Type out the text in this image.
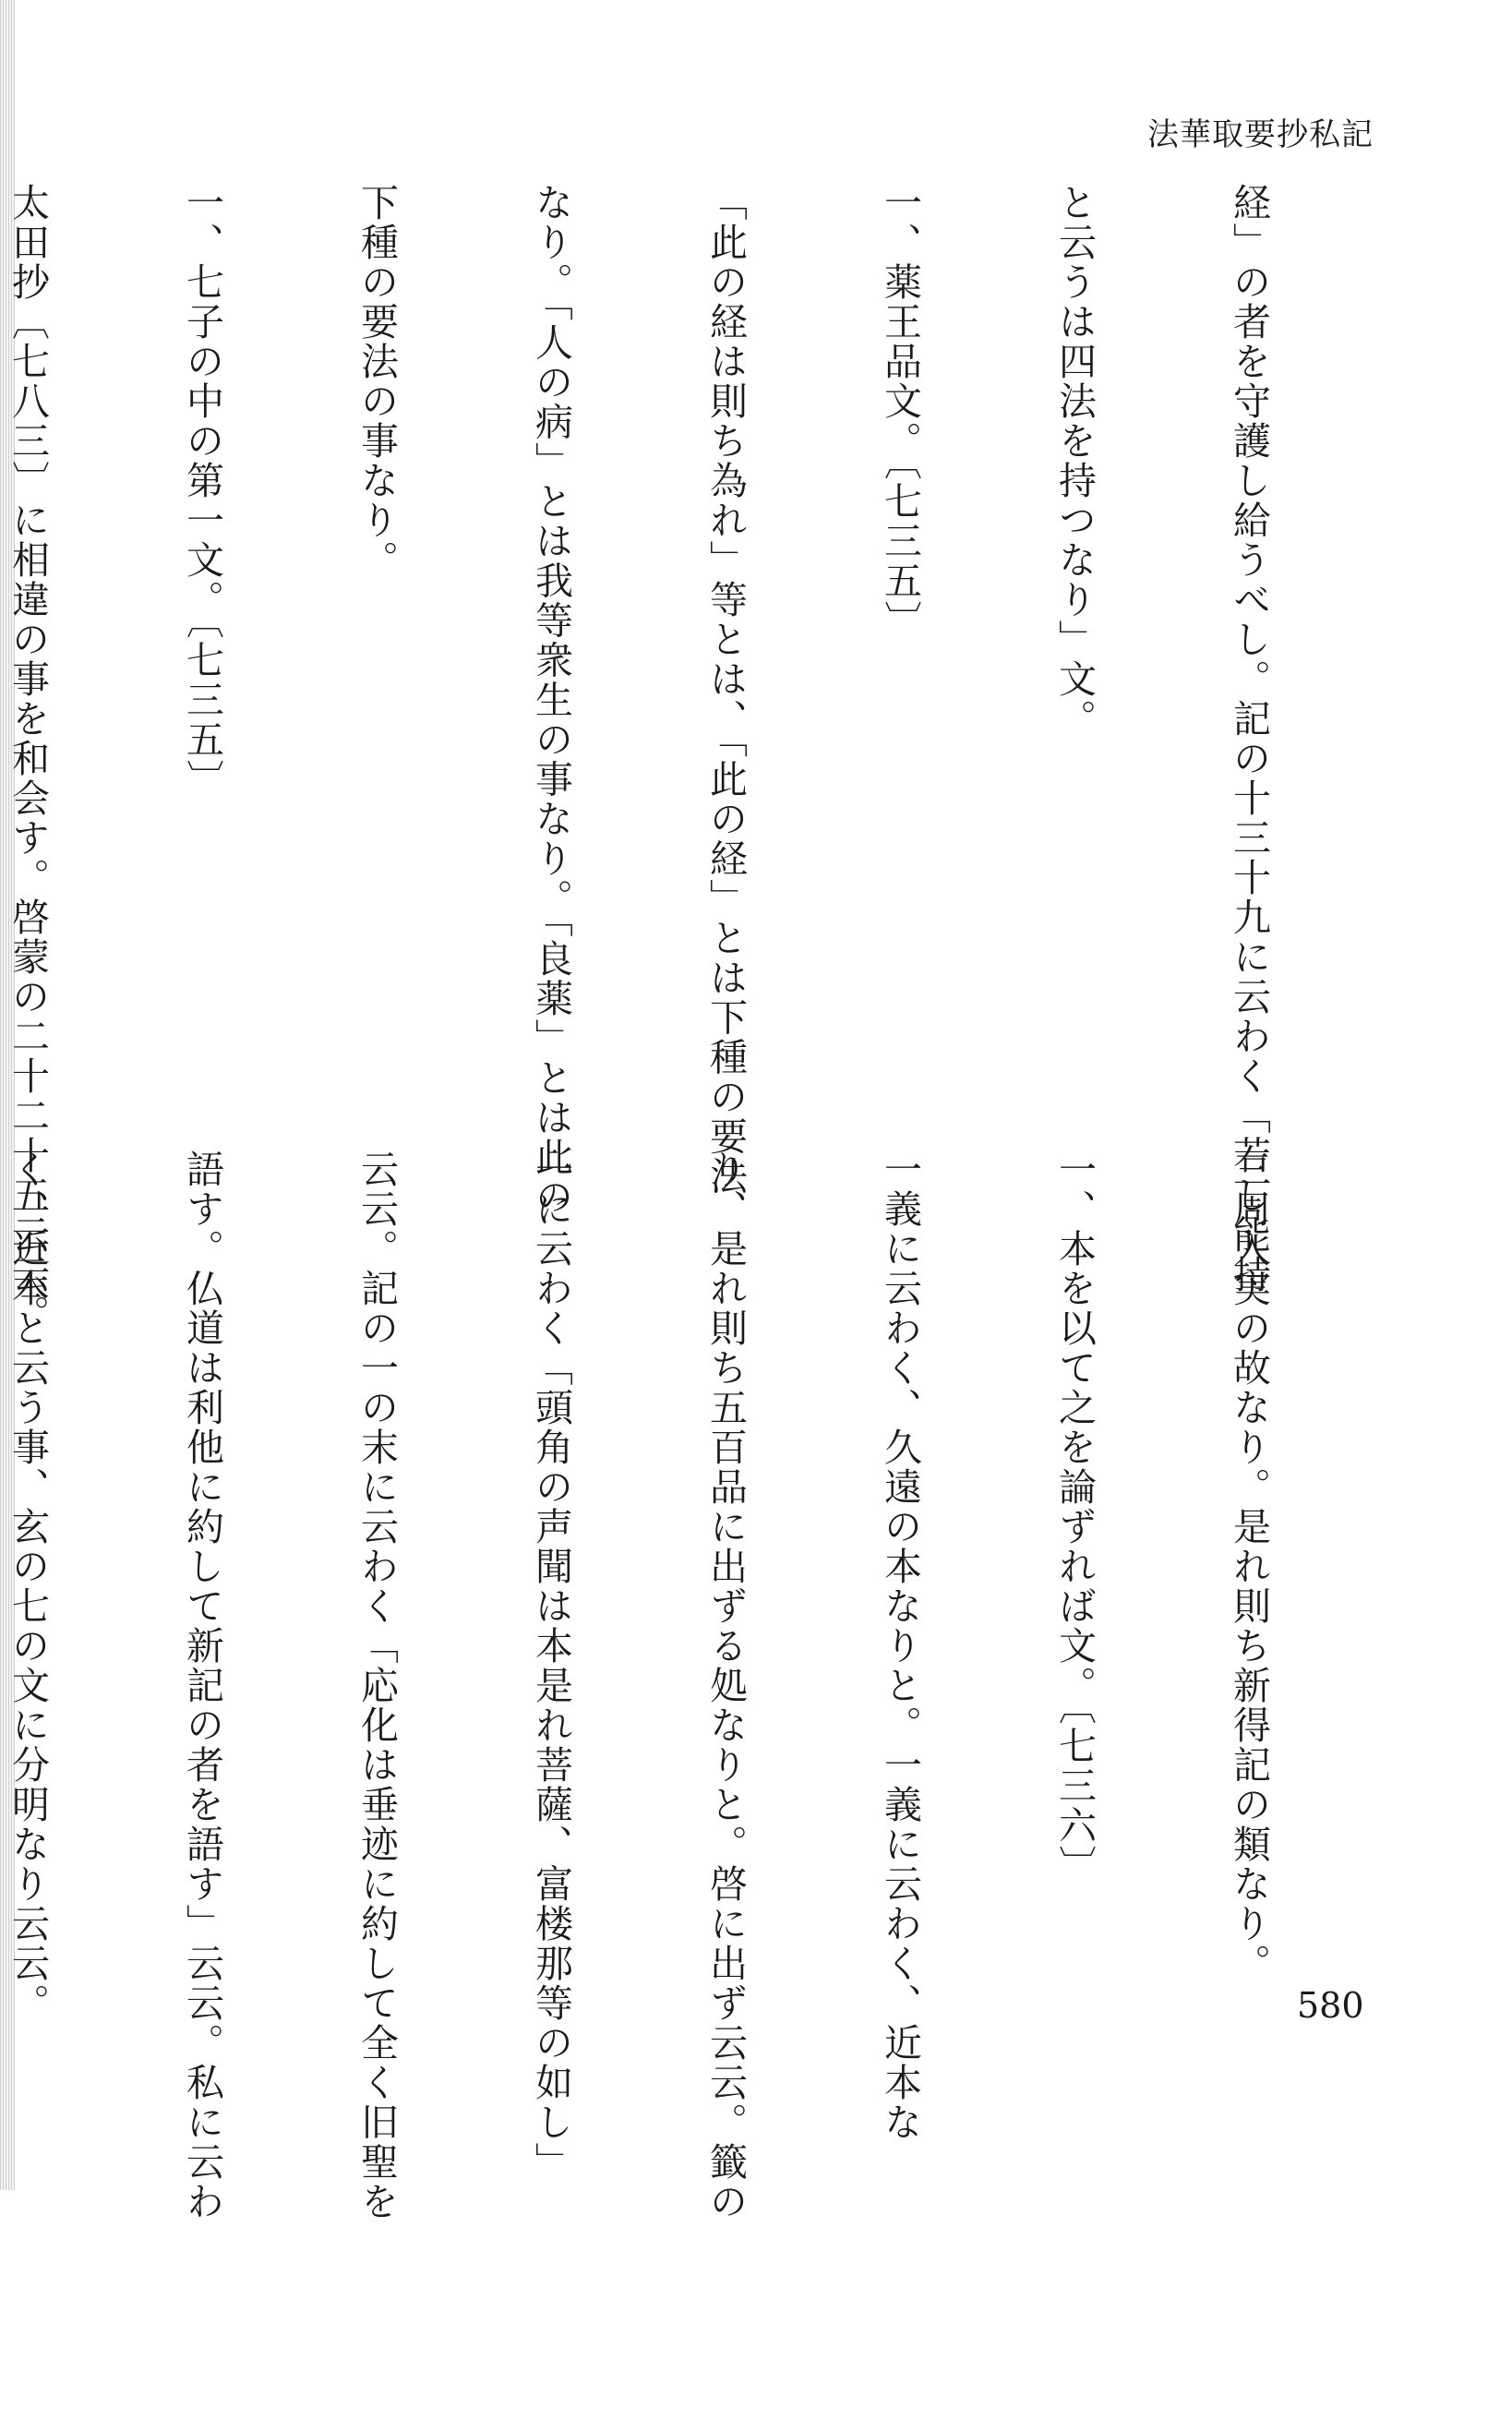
法華取要抄私記

経」の者を守護し給うべし。記の十三十九に云わく「若し能持

と云うは四法を持つなり」文。

一、薬王品文。〔七三五〕

「此の経は則ち為れ」等とは、「此の経」とは下種の要法

なり。「人の病」とは我等衆生の事なり。「良薬」とは此の

下種の要法の事なり。

一、七子の中の第一文。〔七三五〕

太田抄〔七八三〕に相違の事を和会す。啓蒙の二十二十五云云。

三周入実の故なり。是れ則ち新得記の類なり。

一、本を以て之を論ずれば文。〔七三六〕

一義に云わく、久遠の本なりと。一義に云わく、近本な

り、是れ則ち五百品に出ずる処なりと。啓に出ず云云。籤の

一に云わく「頭角の声聞は本是れ菩薩、富楼那等の如し」

云云。記の一の末に云わく「応化は垂迹に約して全く旧聖を

語す。仏道は利他に約して新記の者を語す」云云。私に云わ

く、近本と云う事、玄の七の文に分明なり云云。

	580
